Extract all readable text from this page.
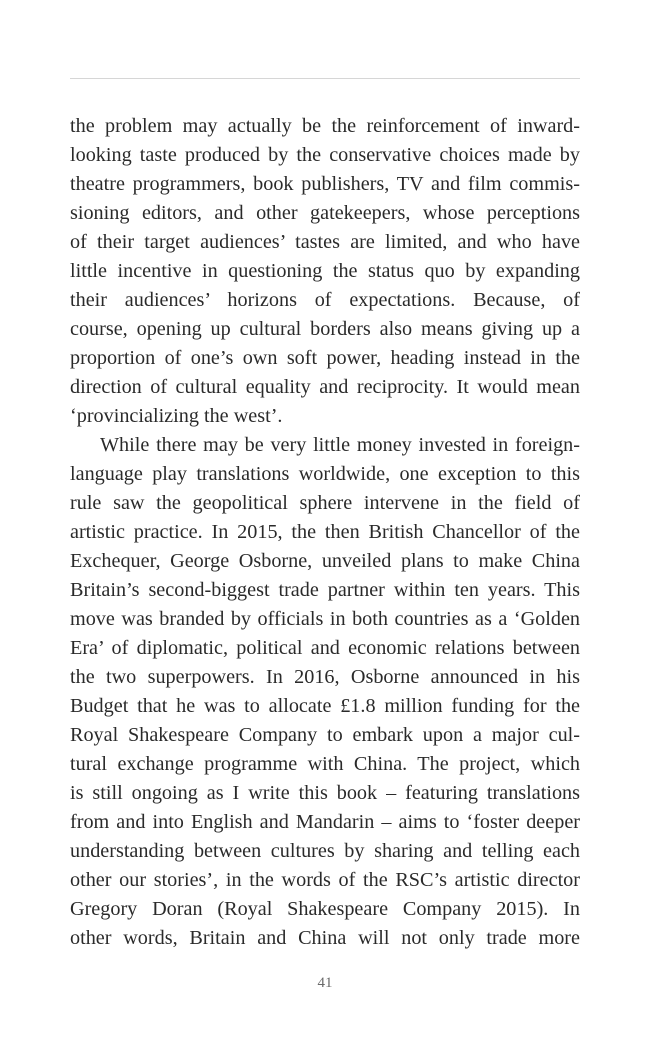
the problem may actually be the reinforcement of inward-
looking taste produced by the conservative choices made by
theatre programmers, book publishers, TV and film commis-
sioning editors, and other gatekeepers, whose perceptions
of their target audiences’ tastes are limited, and who have
little incentive in questioning the status quo by expanding
their audiences’ horizons of expectations. Because, of
course, opening up cultural borders also means giving up a
proportion of one’s own soft power, heading instead in the
direction of cultural equality and reciprocity. It would mean
‘provincializing the west’.
While there may be very little money invested in foreign-
language play translations worldwide, one exception to this
rule saw the geopolitical sphere intervene in the field of
artistic practice. In 2015, the then British Chancellor of the
Exchequer, George Osborne, unveiled plans to make China
Britain’s second-biggest trade partner within ten years. This
move was branded by officials in both countries as a ‘Golden
Era’ of diplomatic, political and economic relations between
the two superpowers. In 2016, Osborne announced in his
Budget that he was to allocate £1.8 million funding for the
Royal Shakespeare Company to embark upon a major cul-
tural exchange programme with China. The project, which
is still ongoing as I write this book – featuring translations
from and into English and Mandarin – aims to ‘foster deeper
understanding between cultures by sharing and telling each
other our stories’, in the words of the RSC’s artistic director
Gregory Doran (Royal Shakespeare Company 2015). In
other words, Britain and China will not only trade more
41
